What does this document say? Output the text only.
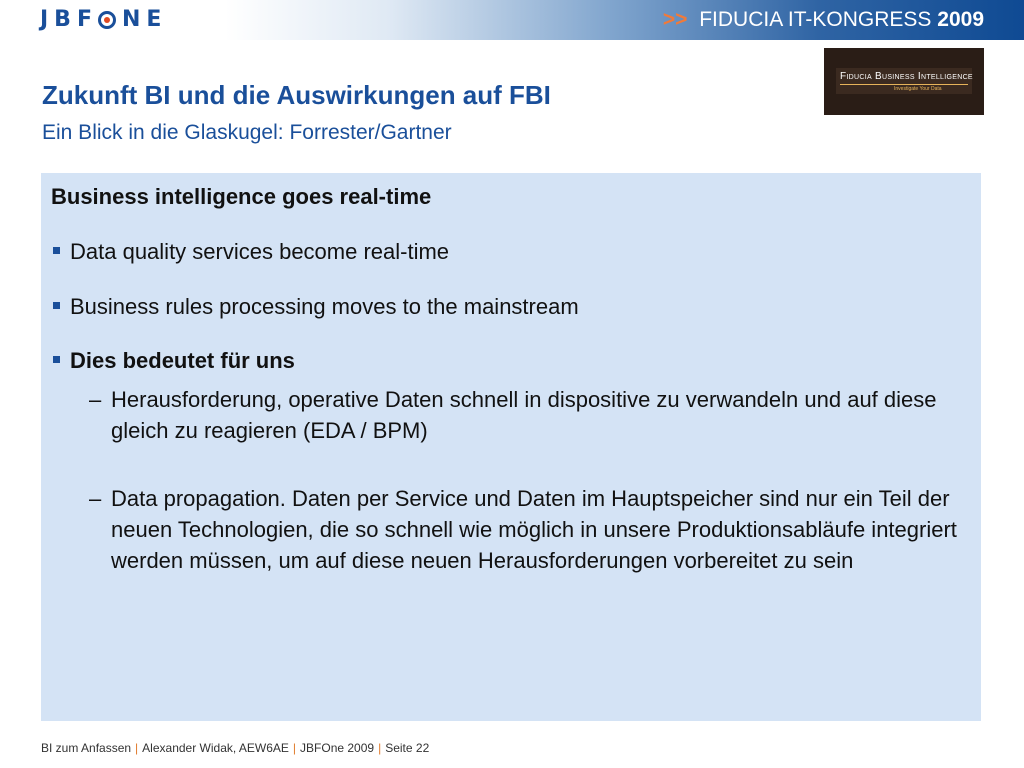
JBF NE	>> FIDUCIA IT-KONGRESS 2009
Fiducia Business Intelligence
Investigate Your Data
Zukunft BI und die Auswirkungen auf FBI
Ein Blick in die Glaskugel: Forrester/Gartner
Business intelligence goes real-time
Data quality services become real-time
Business rules processing moves to the mainstream
Dies bedeutet für uns
– Herausforderung, operative Daten schnell in dispositive zu verwandeln und auf diese gleich zu reagieren (EDA / BPM)
– Data propagation. Daten per Service und Daten im Hauptspeicher sind nur ein Teil der neuen Technologien, die so schnell wie möglich in unsere Produktionsabläufe integriert werden müssen, um auf diese neuen Herausforderungen vorbereitet zu sein
BI zum Anfassen | Alexander Widak, AEW6AE | JBFOne 2009 | Seite 22
